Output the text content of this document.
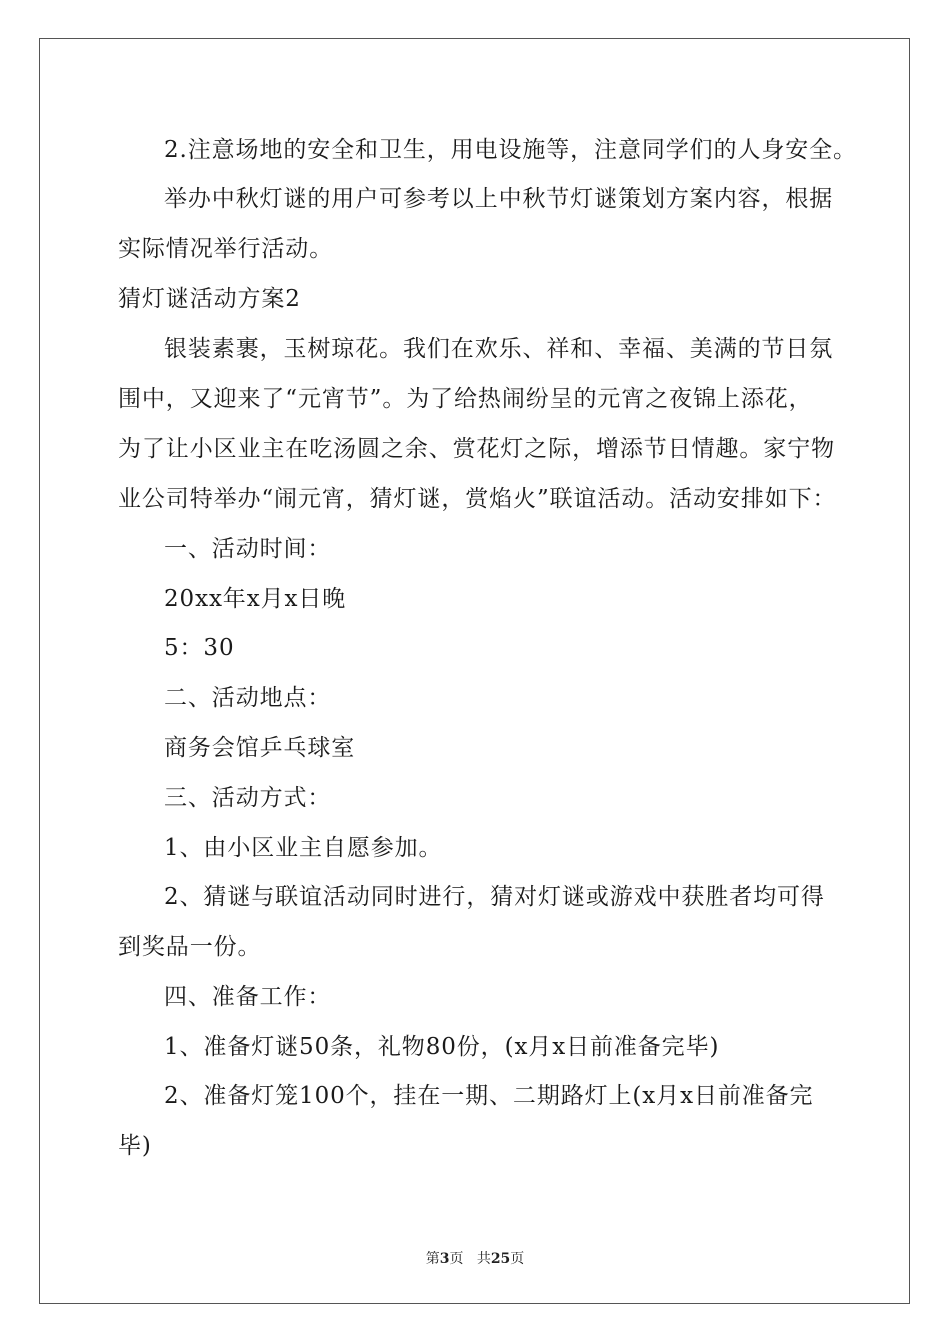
2.注意场地的安全和卫生，用电设施等，注意同学们的人身安全。
举办中秋灯谜的用户可参考以上中秋节灯谜策划方案内容，根据
实际情况举行活动。
猜灯谜活动方案2
银装素裹，玉树琼花。我们在欢乐、祥和、幸福、美满的节日氛
围中，又迎来了“元宵节”。为了给热闹纷呈的元宵之夜锦上添花，
为了让小区业主在吃汤圆之余、赏花灯之际，增添节日情趣。家宁物
业公司特举办“闹元宵，猜灯谜，赏焰火”联谊活动。活动安排如下：
一、活动时间：
20xx年x月x日晚
5：30
二、活动地点：
商务会馆乒乓球室
三、活动方式：
1、由小区业主自愿参加。
2、猜谜与联谊活动同时进行，猜对灯谜或游戏中获胜者均可得
到奖品一份。
四、准备工作：
1、准备灯谜50条，礼物80份，(x月x日前准备完毕)
2、准备灯笼100个，挂在一期、二期路灯上(x月x日前准备完
毕)
第3页 共25页
